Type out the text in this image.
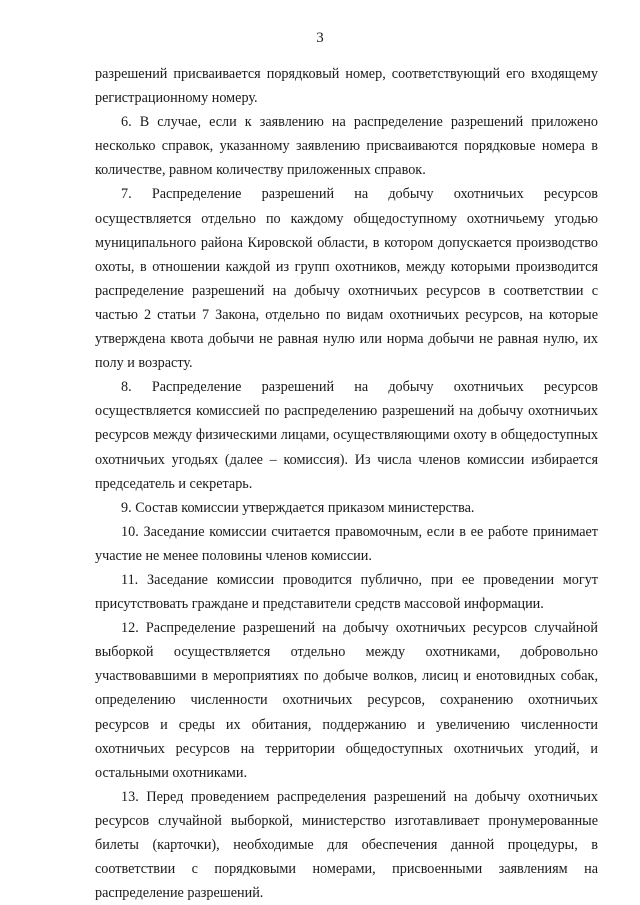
3

разрешений присваивается порядковый номер, соответствующий его входящему регистрационному номеру.

6. В случае, если к заявлению на распределение разрешений приложено несколько справок, указанному заявлению присваиваются порядковые номера в количестве, равном количеству приложенных справок.

7. Распределение разрешений на добычу охотничьих ресурсов осуществляется отдельно по каждому общедоступному охотничьему угодью муниципального района Кировской области, в котором допускается производство охоты, в отношении каждой из групп охотников, между которыми производится распределение разрешений на добычу охотничьих ресурсов в соответствии с частью 2 статьи 7 Закона, отдельно по видам охотничьих ресурсов, на которые утверждена квота добычи не равная нулю или норма добычи не равная нулю, их полу и возрасту.

8. Распределение разрешений на добычу охотничьих ресурсов осуществляется комиссией по распределению разрешений на добычу охотничьих ресурсов между физическими лицами, осуществляющими охоту в общедоступных охотничьих угодьях (далее – комиссия). Из числа членов комиссии избирается председатель и секретарь.

9. Состав комиссии утверждается приказом министерства.

10. Заседание комиссии считается правомочным, если в ее работе принимает участие не менее половины членов комиссии.

11. Заседание комиссии проводится публично, при ее проведении могут присутствовать граждане и представители средств массовой информации.

12. Распределение разрешений на добычу охотничьих ресурсов случайной выборкой осуществляется отдельно между охотниками, добровольно участвовавшими в мероприятиях по добыче волков, лисиц и енотовидных собак, определению численности охотничьих ресурсов, сохранению охотничьих ресурсов и среды их обитания, поддержанию и увеличению численности охотничьих ресурсов на территории общедоступных охотничьих угодий, и остальными охотниками.

13. Перед проведением распределения разрешений на добычу охотничьих ресурсов случайной выборкой, министерство изготавливает пронумерованные билеты (карточки), необходимые для обеспечения данной процедуры, в соответствии с порядковыми номерами, присвоенными заявлениям на распределение разрешений.
